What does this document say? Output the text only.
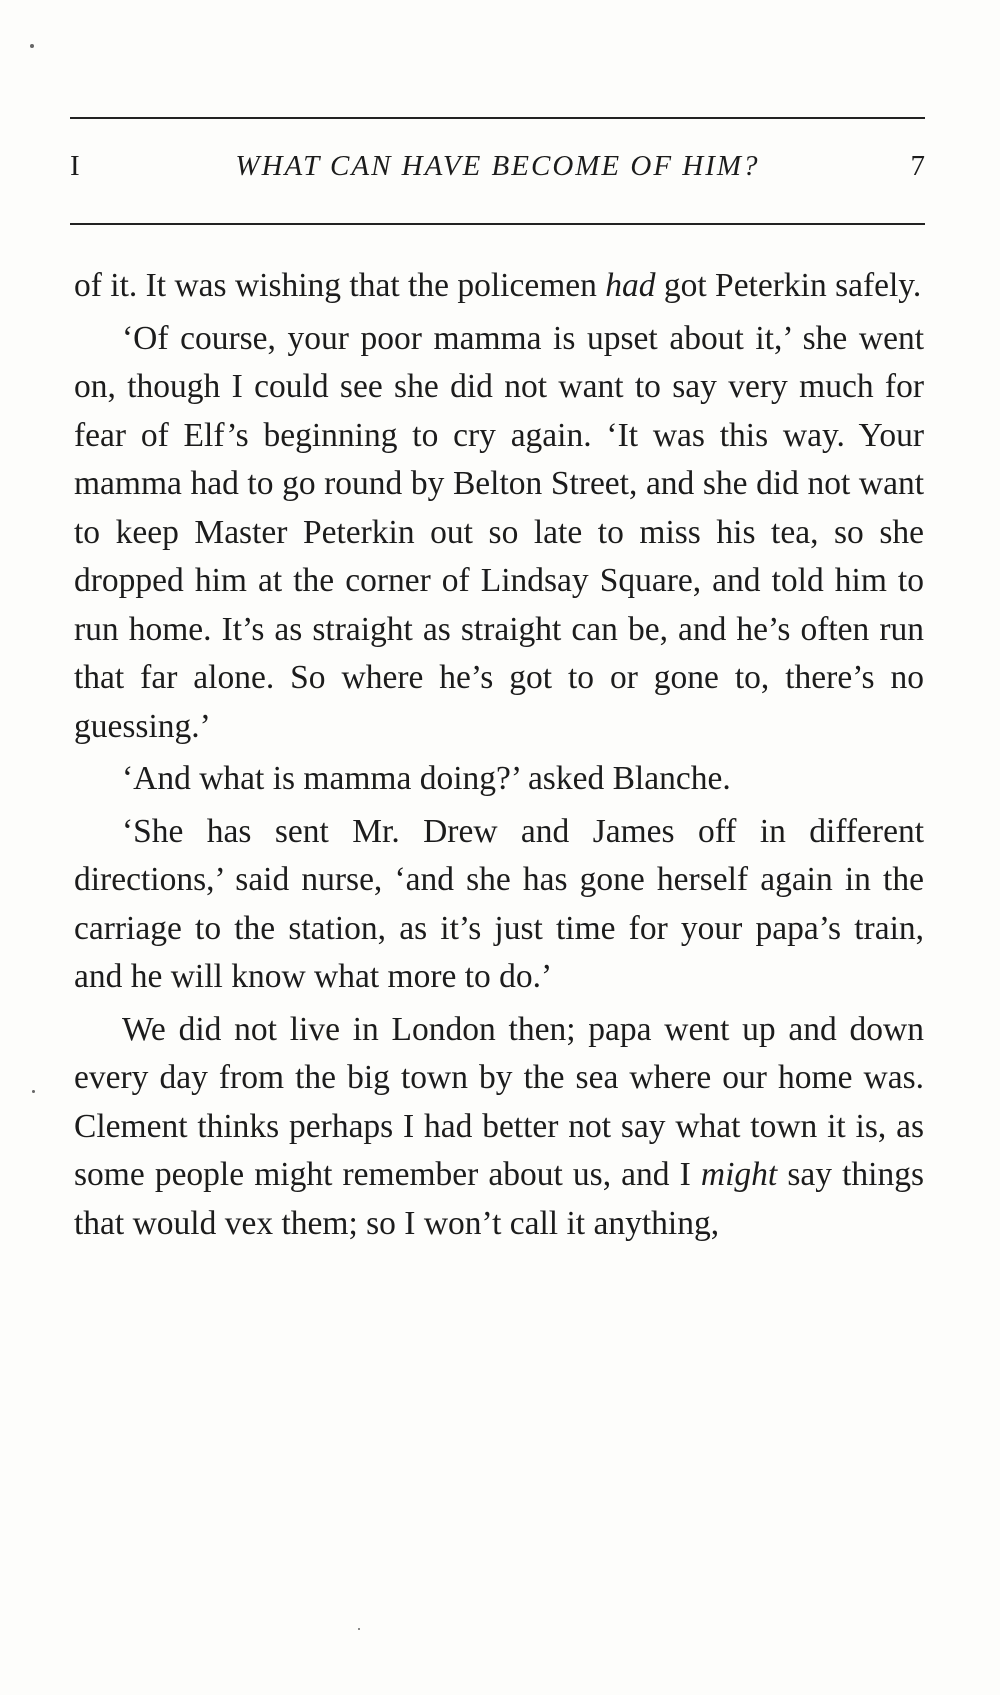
I	WHAT CAN HAVE BECOME OF HIM?	7

of it. It was wishing that the policemen had got Peterkin safely.

‘Of course, your poor mamma is upset about it,’ she went on, though I could see she did not want to say very much for fear of Elf’s beginning to cry again. ‘It was this way. Your mamma had to go round by Belton Street, and she did not want to keep Master Peterkin out so late to miss his tea, so she dropped him at the corner of Lindsay Square, and told him to run home. It’s as straight as straight can be, and he’s often run that far alone. So where he’s got to or gone to, there’s no guessing.’

‘And what is mamma doing?’ asked Blanche.

‘She has sent Mr. Drew and James off in different directions,’ said nurse, ‘and she has gone herself again in the carriage to the station, as it’s just time for your papa’s train, and he will know what more to do.’

We did not live in London then; papa went up and down every day from the big town by the sea where our home was. Clement thinks perhaps I had better not say what town it is, as some people might remember about us, and I might say things that would vex them; so I won’t call it anything,
